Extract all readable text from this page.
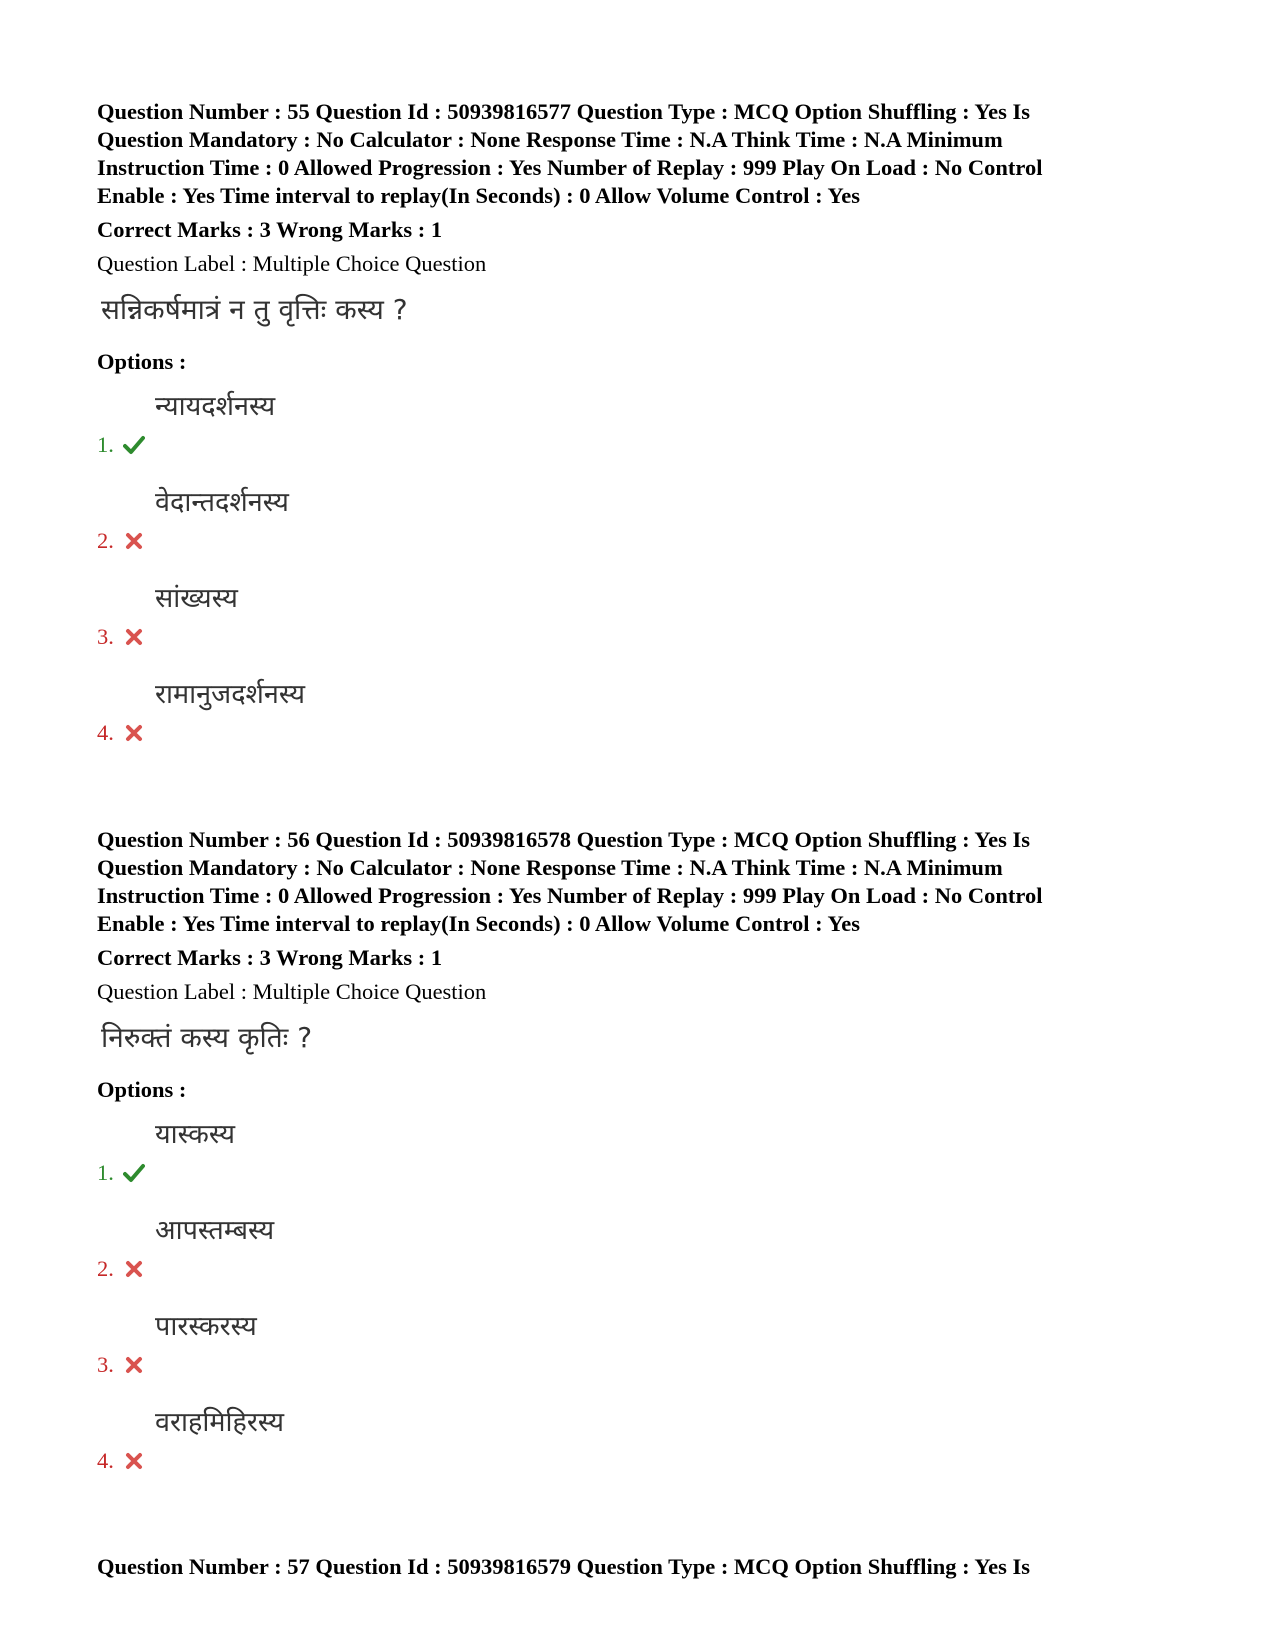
Question Number : 55 Question Id : 50939816577 Question Type : MCQ Option Shuffling : Yes Is
Question Mandatory : No Calculator : None Response Time : N.A Think Time : N.A Minimum
Instruction Time : 0 Allowed Progression : Yes Number of Replay : 999 Play On Load : No Control
Enable : Yes Time interval to replay(In Seconds) : 0 Allow Volume Control : Yes
Correct Marks : 3 Wrong Marks : 1
Question Label : Multiple Choice Question
सन्निकर्षमात्रं न तु वृत्तिः कस्य ?
Options :
1.
न्यायदर्शनस्य
2.
वेदान्तदर्शनस्य
3.
सांख्यस्य
4.
रामानुजदर्शनस्य
Question Number : 56 Question Id : 50939816578 Question Type : MCQ Option Shuffling : Yes Is
Question Mandatory : No Calculator : None Response Time : N.A Think Time : N.A Minimum
Instruction Time : 0 Allowed Progression : Yes Number of Replay : 999 Play On Load : No Control
Enable : Yes Time interval to replay(In Seconds) : 0 Allow Volume Control : Yes
Correct Marks : 3 Wrong Marks : 1
Question Label : Multiple Choice Question
निरुक्तं कस्य कृतिः ?
Options :
1.
यास्कस्य
2.
आपस्तम्बस्य
3.
पारस्करस्य
4.
वराहमिहिरस्य
Question Number : 57 Question Id : 50939816579 Question Type : MCQ Option Shuffling : Yes Is
